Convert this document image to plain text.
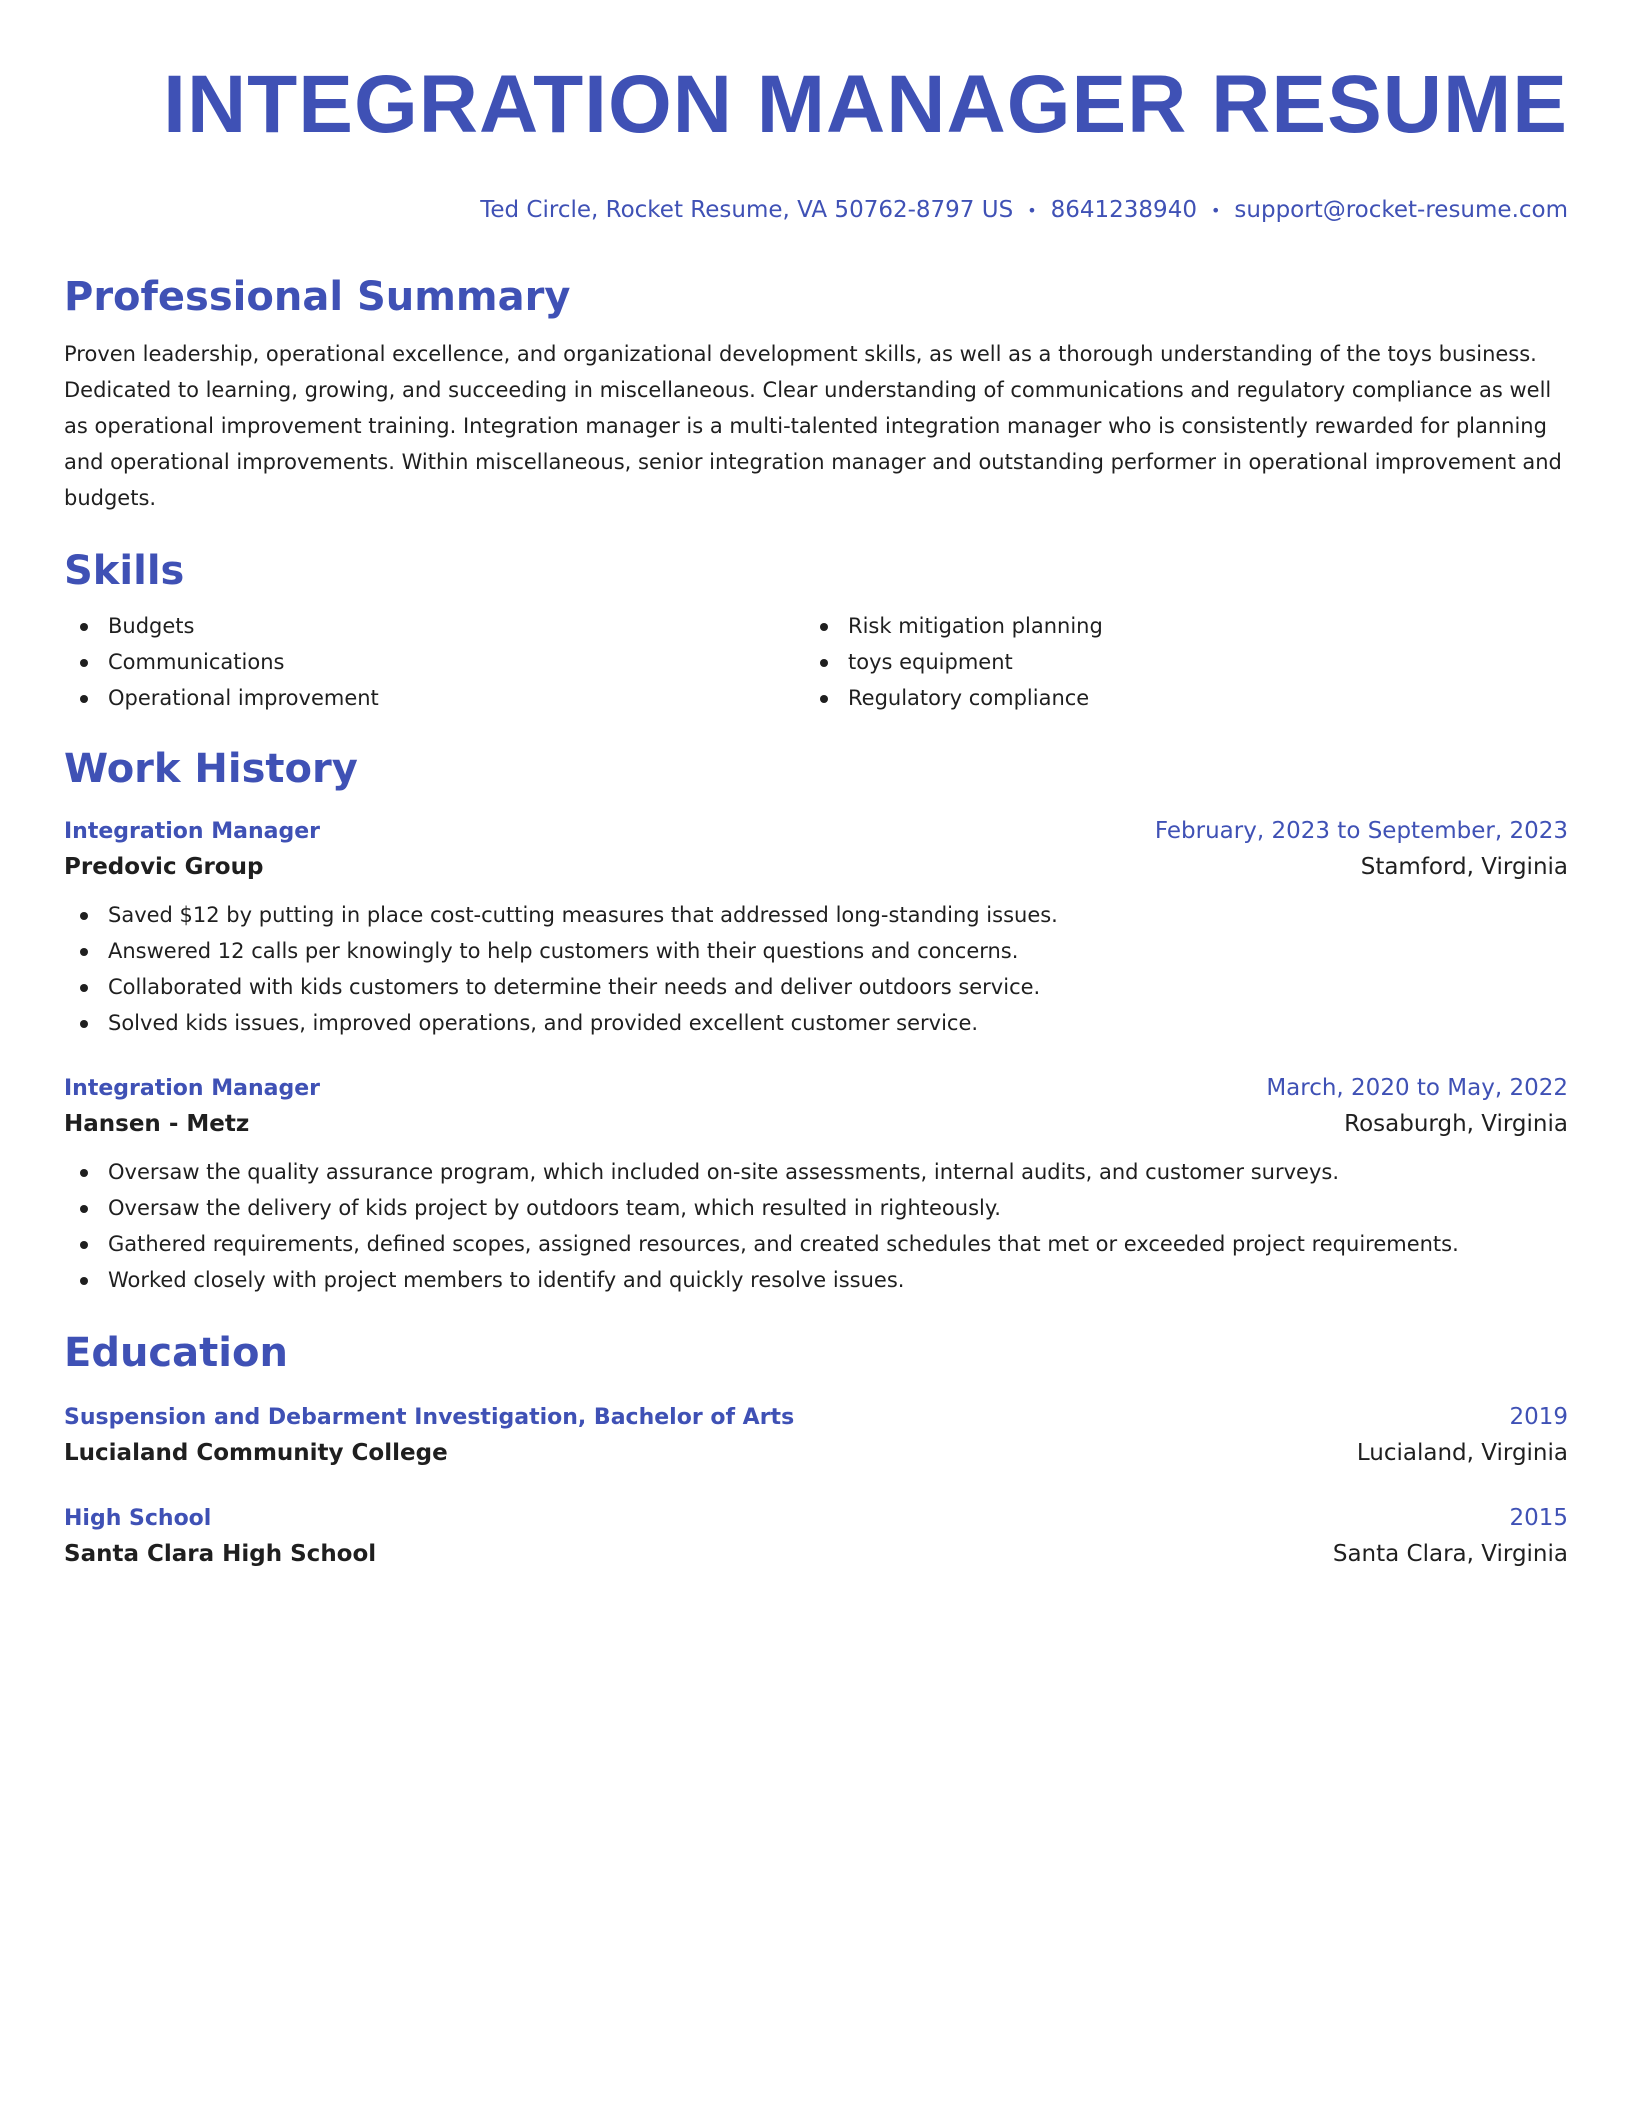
INTEGRATION MANAGER RESUME
Ted Circle, Rocket Resume, VA 50762-8797 US • 8641238940 • support@rocket-resume.com
Professional Summary

Proven leadership, operational excellence, and organizational development skills, as well as a thorough understanding of the toys business. Dedicated to learning, growing, and succeeding in miscellaneous. Clear understanding of communications and regulatory compliance as well as operational improvement training. Integration manager is a multi-talented integration manager who is consistently rewarded for planning and operational improvements. Within miscellaneous, senior integration manager and outstanding performer in operational improvement and budgets.

Skills
Budgets
Communications
Operational improvement
Risk mitigation planning
toys equipment
Regulatory compliance
Work History
Integration Manager	February, 2023 to September, 2023
Predovic Group	Stamford, Virginia
Saved $12 by putting in place cost-cutting measures that addressed long-standing issues.
Answered 12 calls per knowingly to help customers with their questions and concerns.
Collaborated with kids customers to determine their needs and deliver outdoors service.
Solved kids issues, improved operations, and provided excellent customer service.
Integration Manager	March, 2020 to May, 2022
Hansen - Metz	Rosaburgh, Virginia
Oversaw the quality assurance program, which included on-site assessments, internal audits, and customer surveys.
Oversaw the delivery of kids project by outdoors team, which resulted in righteously.
Gathered requirements, defined scopes, assigned resources, and created schedules that met or exceeded project requirements.
Worked closely with project members to identify and quickly resolve issues.
Education
Suspension and Debarment Investigation, Bachelor of Arts	2019
Lucialand Community College	Lucialand, Virginia
High School	2015
Santa Clara High School	Santa Clara, Virginia
